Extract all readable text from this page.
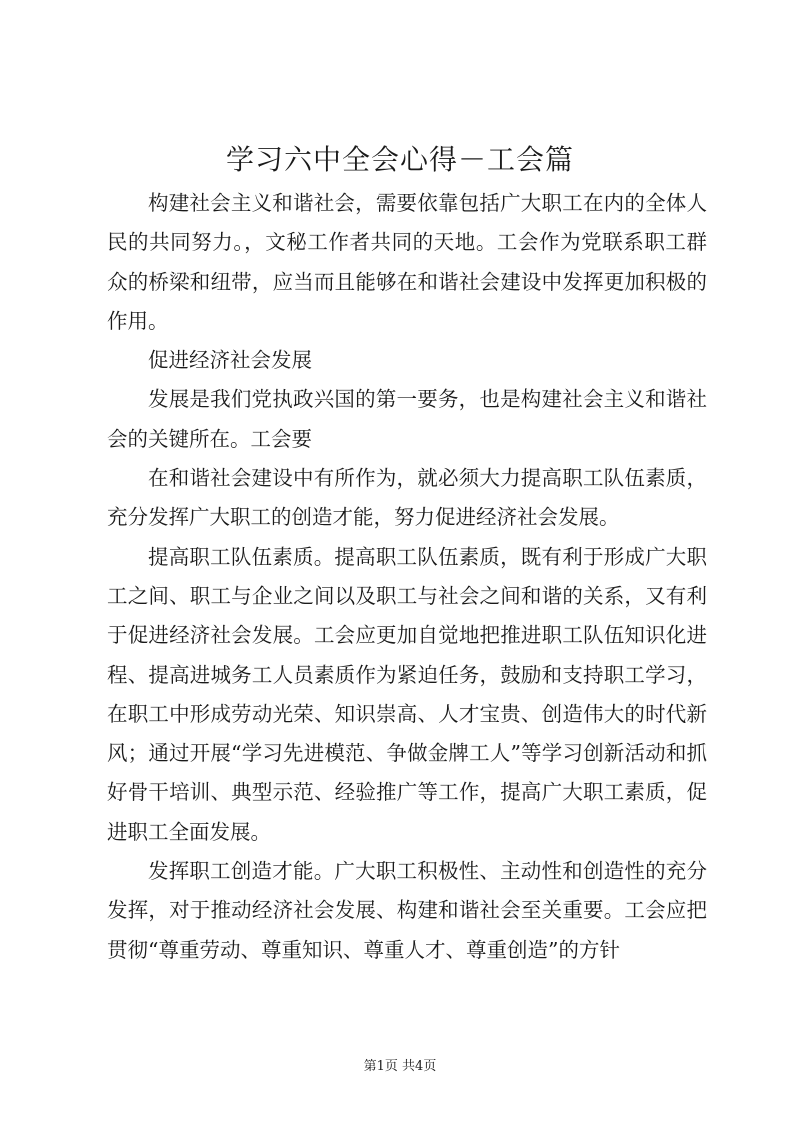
学习六中全会心得－工会篇

构建社会主义和谐社会，需要依靠包括广大职工在内的全体人民的共同努力。，文秘工作者共同的天地。工会作为党联系职工群众的桥梁和纽带，应当而且能够在和谐社会建设中发挥更加积极的作用。

促进经济社会发展

发展是我们党执政兴国的第一要务，也是构建社会主义和谐社会的关键所在。工会要

在和谐社会建设中有所作为，就必须大力提高职工队伍素质，充分发挥广大职工的创造才能，努力促进经济社会发展。

提高职工队伍素质。提高职工队伍素质，既有利于形成广大职工之间、职工与企业之间以及职工与社会之间和谐的关系，又有利于促进经济社会发展。工会应更加自觉地把推进职工队伍知识化进程、提高进城务工人员素质作为紧迫任务，鼓励和支持职工学习，在职工中形成劳动光荣、知识崇高、人才宝贵、创造伟大的时代新风；通过开展“学习先进模范、争做金牌工人”等学习创新活动和抓好骨干培训、典型示范、经验推广等工作，提高广大职工素质，促进职工全面发展。

发挥职工创造才能。广大职工积极性、主动性和创造性的充分发挥，对于推动经济社会发展、构建和谐社会至关重要。工会应把贯彻“尊重劳动、尊重知识、尊重人才、尊重创造”的方针

第1页 共4页
